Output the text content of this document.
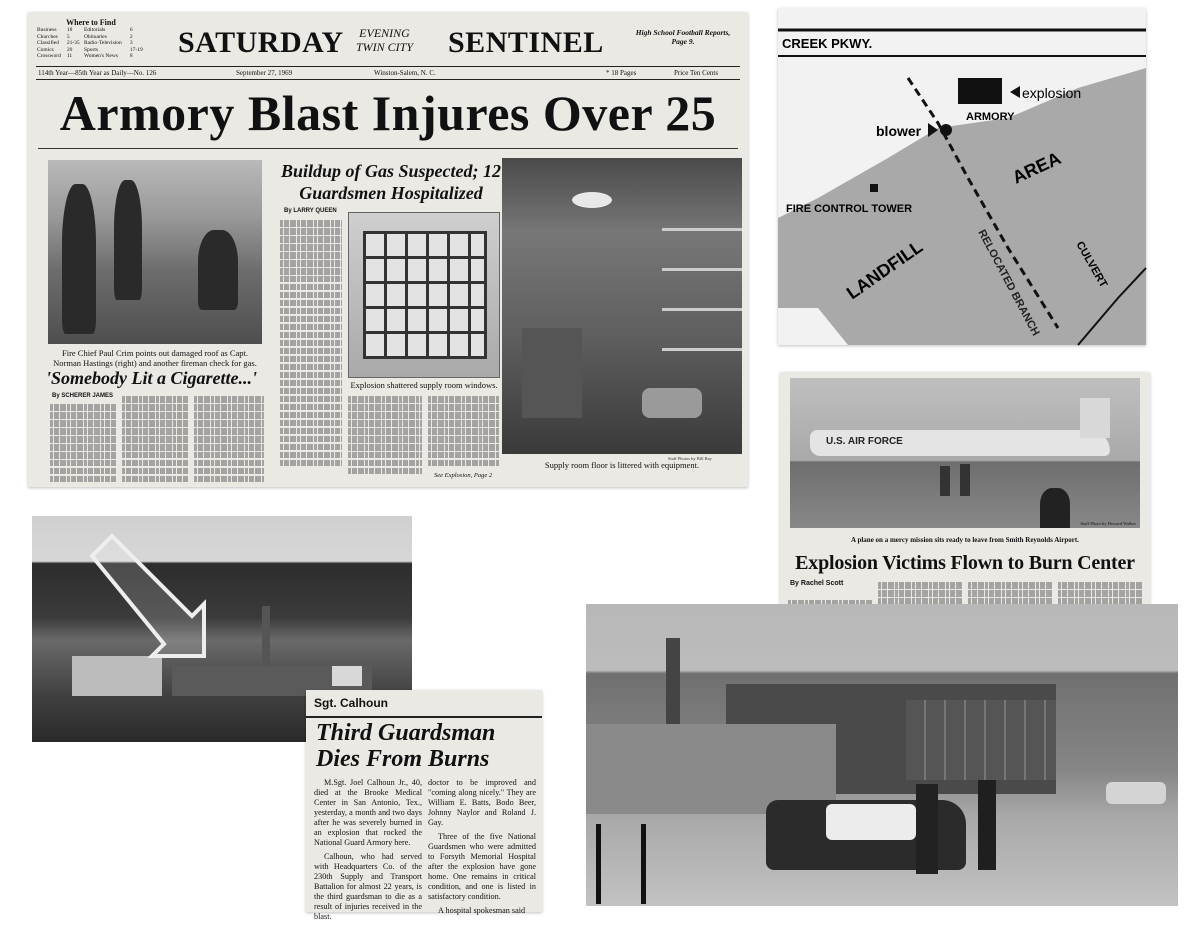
Where to Find
Business	18	Editorials	6
Churches	5	Obituaries	2
Classified	21-35	Radio-Television	3
Comics	20	Sports	17-19
Crossword	11	Women's News	8 SATURDAY EVENING
TWIN CITY SENTINEL	High School Football Reports, Page 9.
114th Year—85th Year as Daily—No. 126	September 27, 1969	Winston-Salem, N. C.	* 18 Pages	Price Ten Cents
Armory Blast Injures Over 25
Fire Chief Paul Crim points out damaged roof as Capt. Norman Hastings (right) and another fireman check for gas.
'Somebody Lit a Cigarette...'
By SCHERER JAMES
Buildup of Gas Suspected; 12 Guardsmen Hospitalized
By LARRY QUEEN
Explosion shattered supply room windows.
See Explosion, Page 2
Staff Photos by Bill Ray
Supply room floor is littered with equipment.
CREEK PKWY.
explosion
ARMORY
blower
AREA
FIRE CONTROL TOWER
LANDFILL	RELOCATED BRANCH	CULVERT
U.S. AIR FORCE
Staff Photo by Howard Walker
A plane on a mercy mission sits ready to leave from Smith Reynolds Airport.
Explosion Victims Flown to Burn Center
By Rachel Scott
Sgt. Calhoun
Third Guardsman
Dies From Burns

M.Sgt. Joel Calhoun Jr., 40, died at the Brooke Medical Center in San Antonio, Tex., yesterday, a month and two days after he was severely burned in an explosion that rocked the National Guard Armory here.

Calhoun, who had served with Headquarters Co. of the 230th Supply and Transport Battalion for almost 22 years, is the third guardsman to die as a result of injuries received in the blast.

doctor to be improved and "coming along nicely." They are William E. Batts, Bodo Beer, Johnny Naylor and Roland J. Gay.

Three of the five National Guardsmen who were admitted to Forsyth Memorial Hospital after the explosion have gone home. One remains in critical condition, and one is listed in satisfactory condition.

A hospital spokesman said
